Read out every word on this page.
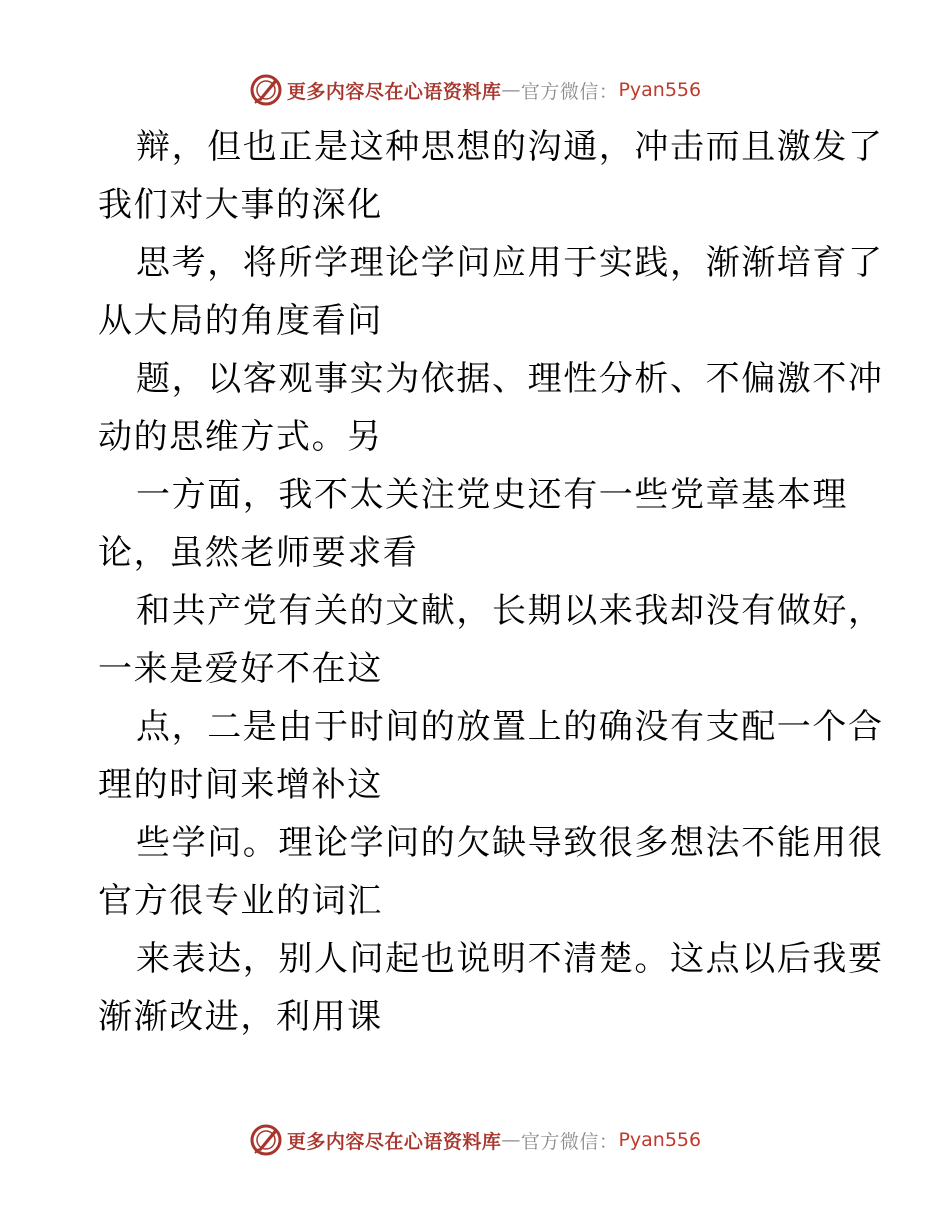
更多内容尽在心语资料库 — 官方微信： Pyan556
辩，但也正是这种思想的沟通，冲击而且激发了
我们对大事的深化
思考，将所学理论学问应用于实践，渐渐培育了
从大局的角度看问
题，以客观事实为依据、理性分析、不偏激不冲
动的思维方式。另
一方面，我不太关注党史还有一些党章基本理
论，虽然老师要求看
和共产党有关的文献，长期以来我却没有做好，
一来是爱好不在这
点，二是由于时间的放置上的确没有支配一个合
理的时间来增补这
些学问。理论学问的欠缺导致很多想法不能用很
官方很专业的词汇
来表达，别人问起也说明不清楚。这点以后我要
渐渐改进，利用课
更多内容尽在心语资料库 — 官方微信： Pyan556
